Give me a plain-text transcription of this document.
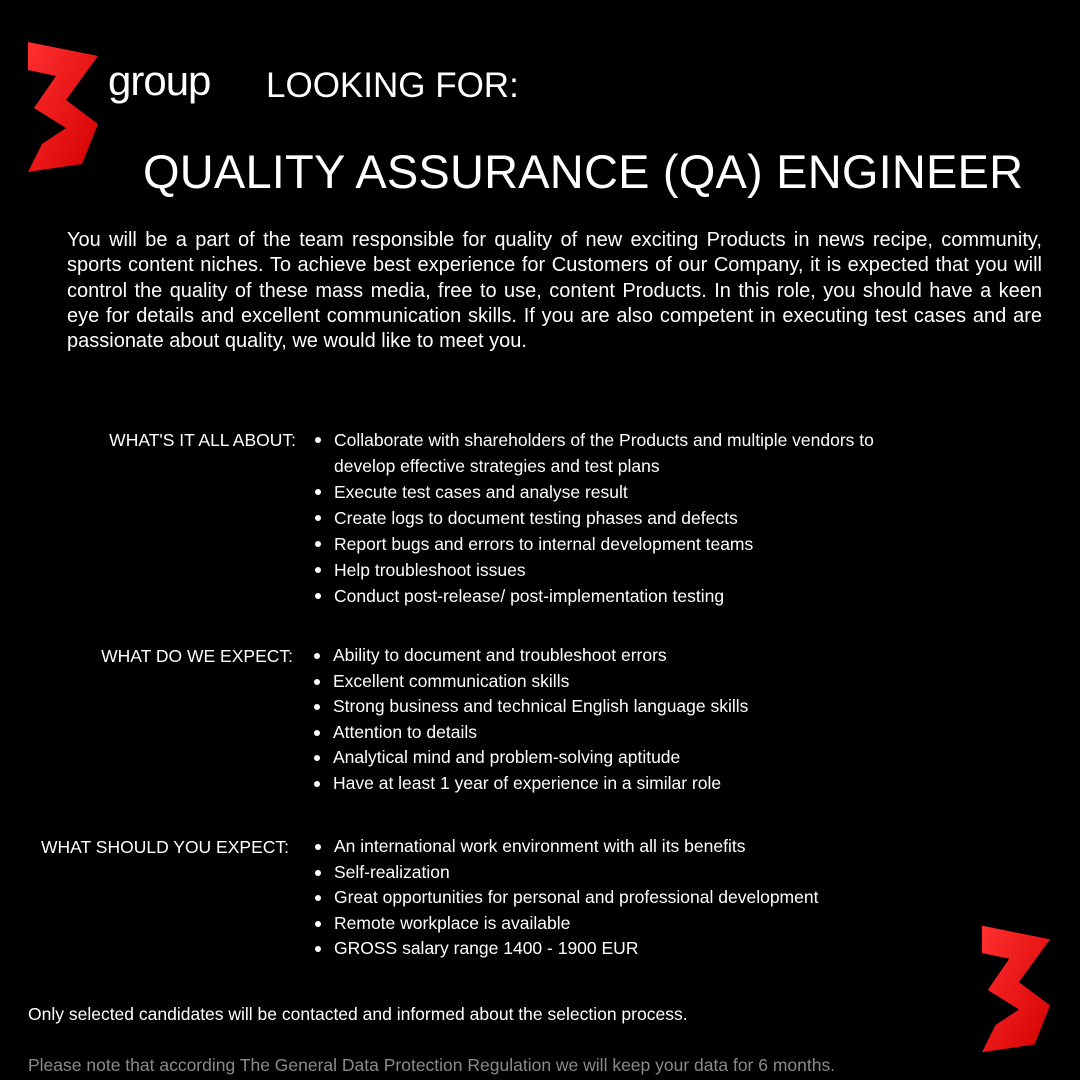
group LOOKING FOR:
QUALITY ASSURANCE (QA) ENGINEER

You will be a part of the team responsible for quality of new exciting Products in news recipe, community, sports content niches. To achieve best experience for Customers of our Company, it is expected that you will control the quality of these mass media, free to use, content Products. In this role, you should have a keen eye for details and excellent communication skills. If you are also competent in executing test cases and are passionate about quality, we would like to meet you.

WHAT'S IT ALL ABOUT:	Collaborate with shareholders of the Products and multiple vendors to develop effective strategies and test plans
Execute test cases and analyse result
Create logs to document testing phases and defects
Report bugs and errors to internal development teams
Help troubleshoot issues
Conduct post-release/ post-implementation testing
WHAT DO WE EXPECT:	Ability to document and troubleshoot errors
Excellent communication skills
Strong business and technical English language skills
Attention to details
Analytical mind and problem-solving aptitude
Have at least 1 year of experience in a similar role
WHAT SHOULD YOU EXPECT:	An international work environment with all its benefits
Self-realization
Great opportunities for personal and professional development
Remote workplace is available
GROSS salary range 1400 - 1900 EUR
Only selected candidates will be contacted and informed about the selection process.
Please note that according The General Data Protection Regulation we will keep your data for 6 months.
